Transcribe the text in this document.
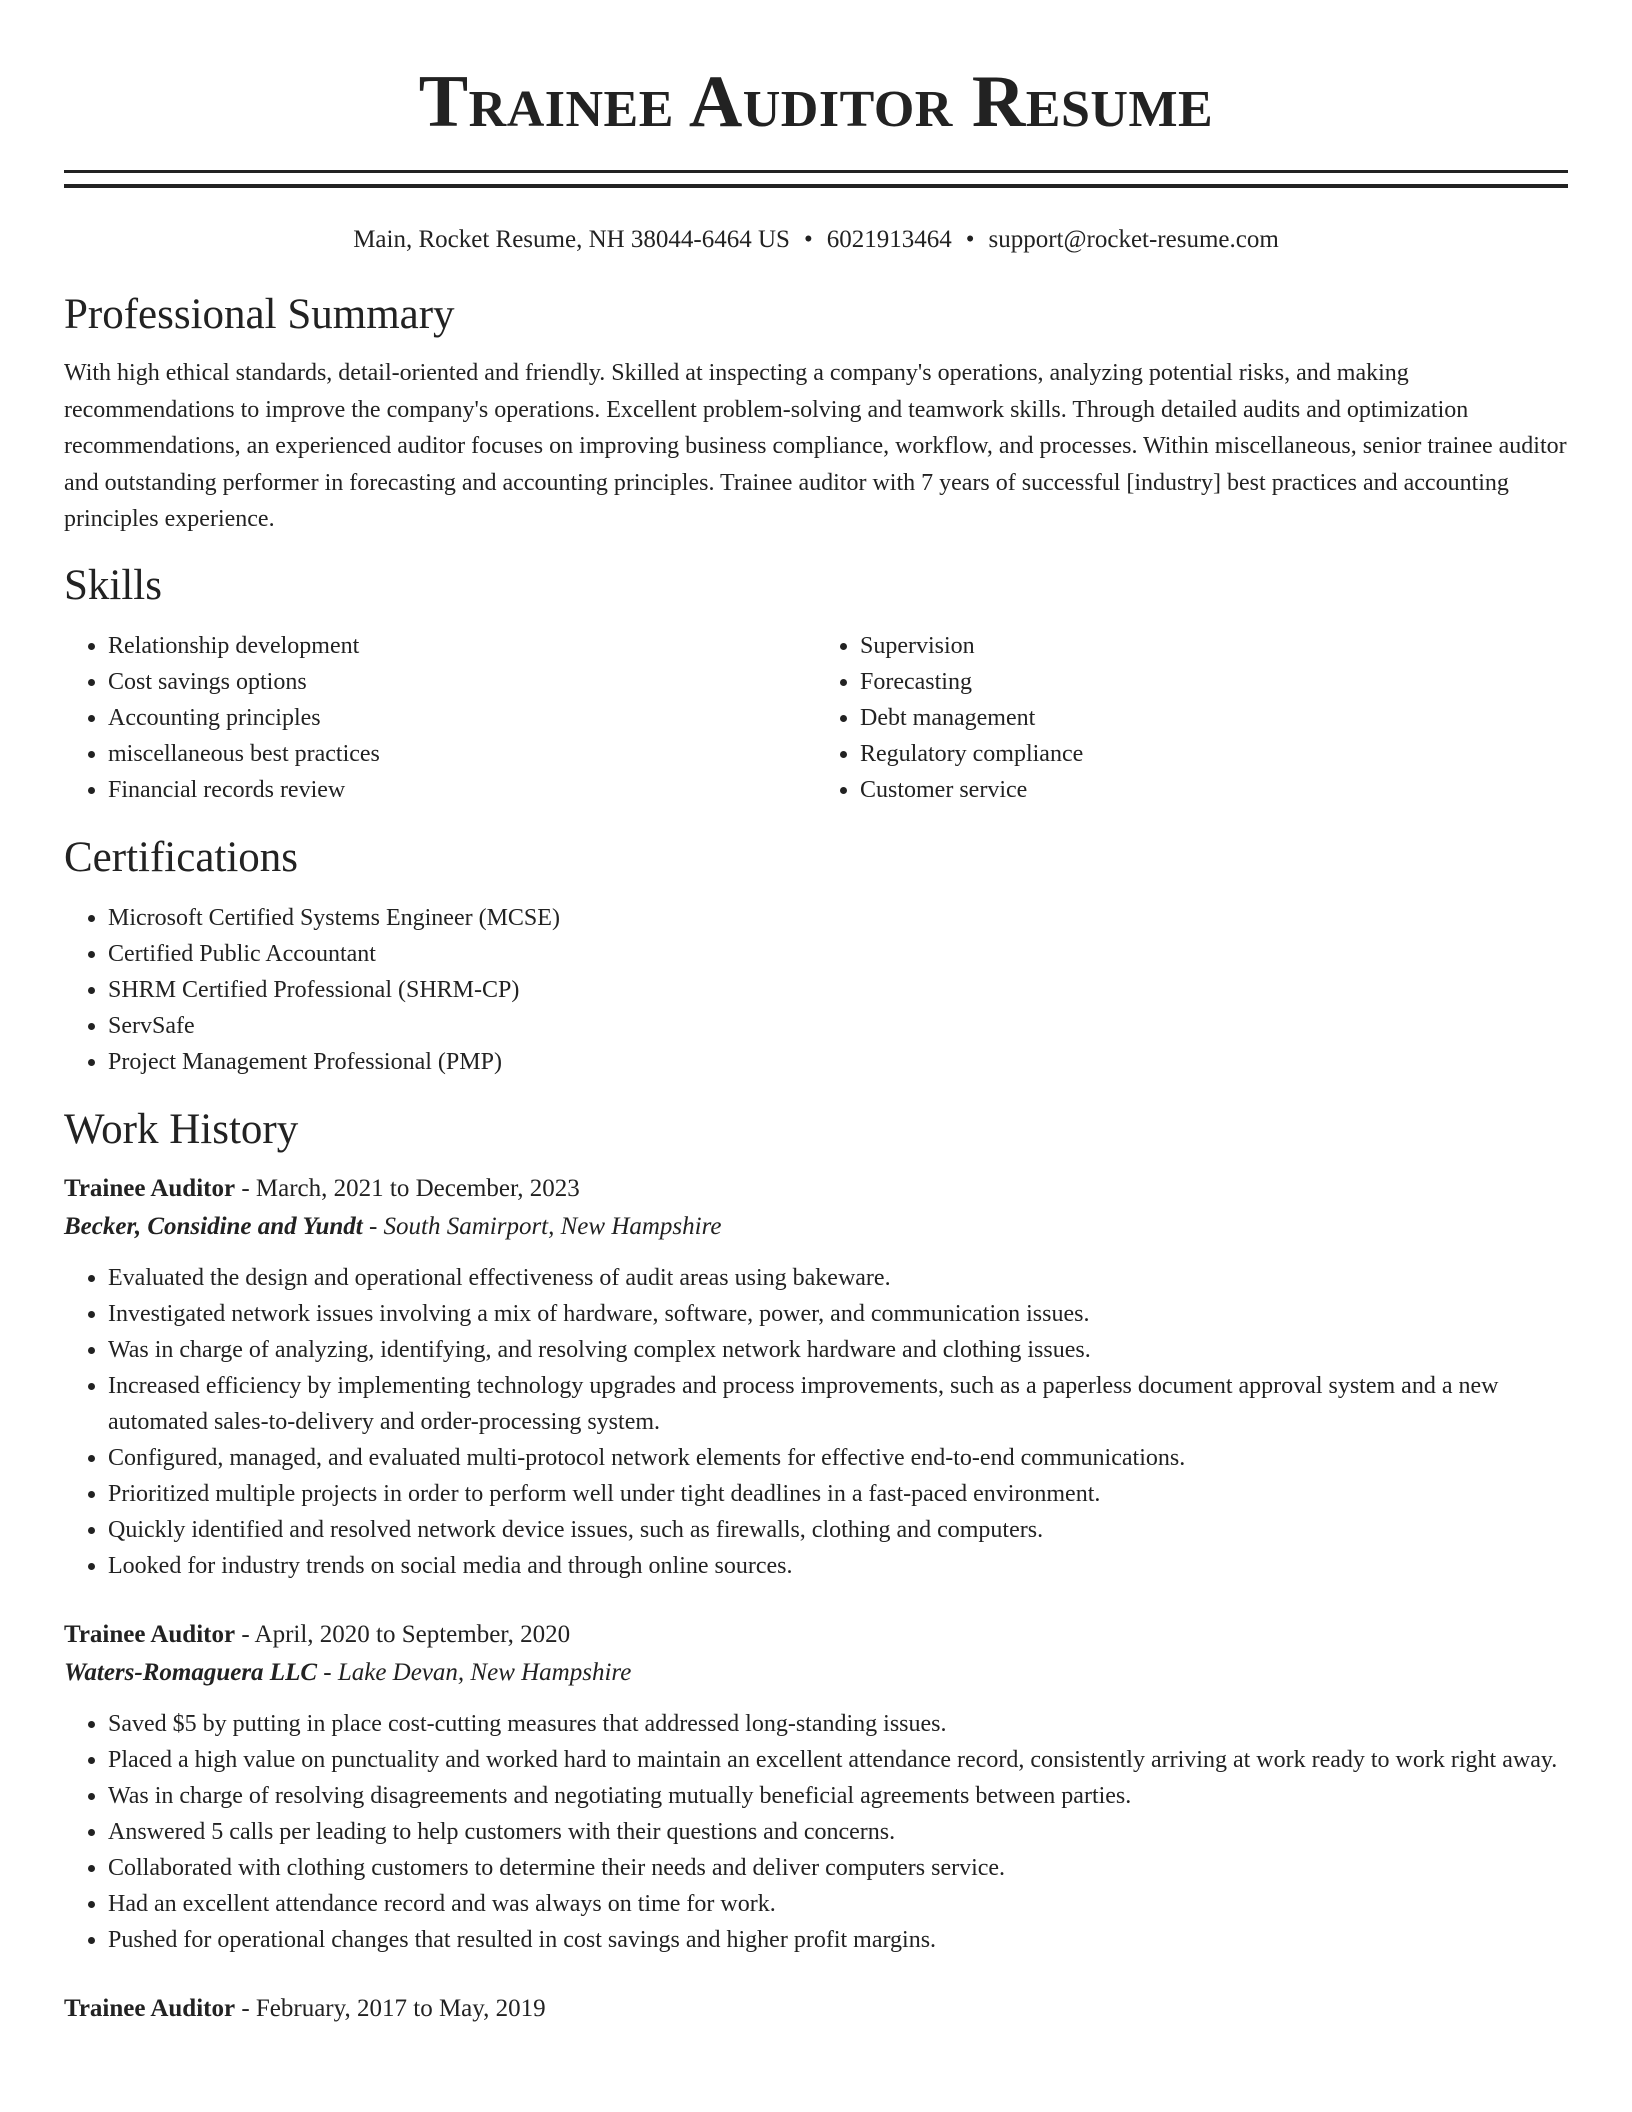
Trainee Auditor Resume
Main, Rocket Resume, NH 38044-6464 US • 6021913464 • support@rocket-resume.com
Professional Summary

With high ethical standards, detail-oriented and friendly. Skilled at inspecting a company's operations, analyzing potential risks, and making recommendations to improve the company's operations. Excellent problem-solving and teamwork skills. Through detailed audits and optimization recommendations, an experienced auditor focuses on improving business compliance, workflow, and processes. Within miscellaneous, senior trainee auditor and outstanding performer in forecasting and accounting principles. Trainee auditor with 7 years of successful [industry] best practices and accounting principles experience.

Skills
• Relationship development
• Cost savings options
• Accounting principles
• miscellaneous best practices
• Financial records review
• Supervision
• Forecasting
• Debt management
• Regulatory compliance
• Customer service
Certifications
• Microsoft Certified Systems Engineer (MCSE)
• Certified Public Accountant
• SHRM Certified Professional (SHRM-CP)
• ServSafe
• Project Management Professional (PMP)
Work History
Trainee Auditor - March, 2021 to December, 2023
Becker, Considine and Yundt - South Samirport, New Hampshire
• Evaluated the design and operational effectiveness of audit areas using bakeware.
• Investigated network issues involving a mix of hardware, software, power, and communication issues.
• Was in charge of analyzing, identifying, and resolving complex network hardware and clothing issues.
• Increased efficiency by implementing technology upgrades and process improvements, such as a paperless document approval system and a new automated sales-to-delivery and order-processing system.
• Configured, managed, and evaluated multi-protocol network elements for effective end-to-end communications.
• Prioritized multiple projects in order to perform well under tight deadlines in a fast-paced environment.
• Quickly identified and resolved network device issues, such as firewalls, clothing and computers.
• Looked for industry trends on social media and through online sources.
Trainee Auditor - April, 2020 to September, 2020
Waters-Romaguera LLC - Lake Devan, New Hampshire
• Saved $5 by putting in place cost-cutting measures that addressed long-standing issues.
• Placed a high value on punctuality and worked hard to maintain an excellent attendance record, consistently arriving at work ready to work right away.
• Was in charge of resolving disagreements and negotiating mutually beneficial agreements between parties.
• Answered 5 calls per leading to help customers with their questions and concerns.
• Collaborated with clothing customers to determine their needs and deliver computers service.
• Had an excellent attendance record and was always on time for work.
• Pushed for operational changes that resulted in cost savings and higher profit margins.
Trainee Auditor - February, 2017 to May, 2019
